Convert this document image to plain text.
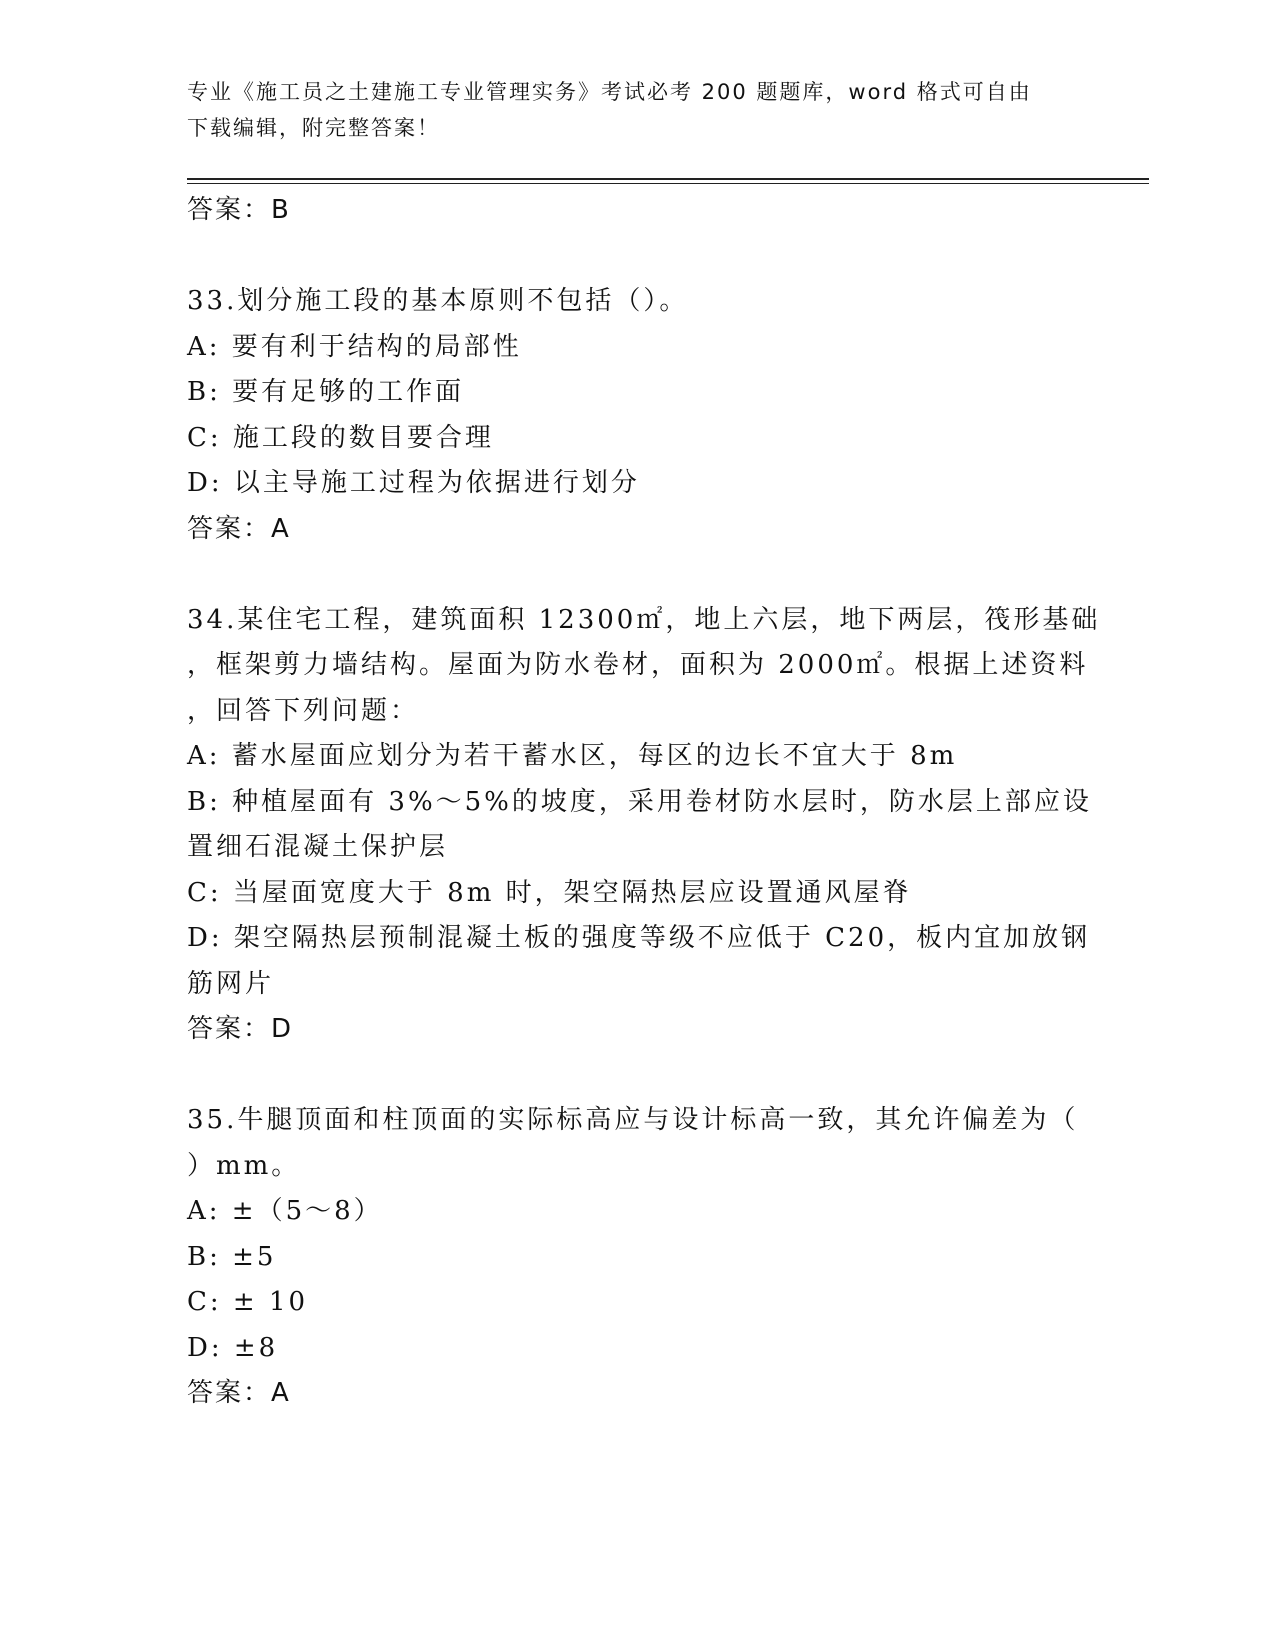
专业《施工员之土建施工专业管理实务》考试必考 200 题题库，word 格式可自由
下载编辑，附完整答案！
答案：B
33.划分施工段的基本原则不包括（）。
A: 要有利于结构的局部性
B: 要有足够的工作面
C: 施工段的数目要合理
D: 以主导施工过程为依据进行划分
答案：A
34.某住宅工程，建筑面积 12300㎡，地上六层，地下两层，筏形基础
，框架剪力墙结构。屋面为防水卷材，面积为 2000㎡。根据上述资料
，回答下列问题：
A: 蓄水屋面应划分为若干蓄水区，每区的边长不宜大于 8m
B: 种植屋面有 3%～5%的坡度，采用卷材防水层时，防水层上部应设
置细石混凝土保护层
C: 当屋面宽度大于 8m 时，架空隔热层应设置通风屋脊
D: 架空隔热层预制混凝土板的强度等级不应低于 C20，板内宜加放钢
筋网片
答案：D
35.牛腿顶面和柱顶面的实际标高应与设计标高一致，其允许偏差为（
）mm。
A: ±（5～8）
B: ±5
C: ± 10
D: ±8
答案：A
